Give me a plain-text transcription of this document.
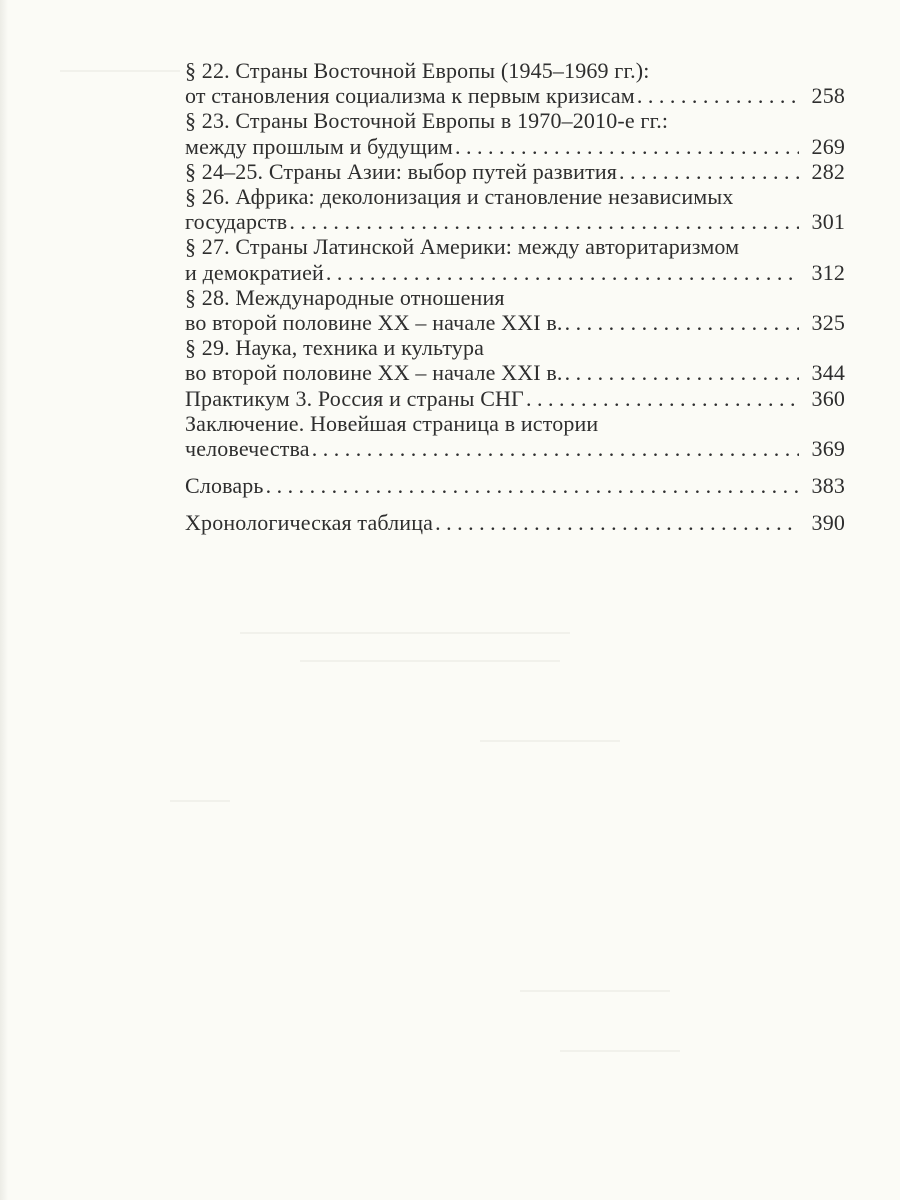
§ 22. Страны Восточной Европы (1945–1969 гг.):
от становления социализма к первым кризисам . . .	258
§ 23. Страны Восточной Европы в 1970–2010-е гг.:
между прошлым и будущим . . .	269
§ 24–25. Страны Азии: выбор путей развития . . .	282
§ 26. Африка: деколонизация и становление независимых
государств . . .	301
§ 27. Страны Латинской Америки: между авторитаризмом
и демократией . . .	312
§ 28. Международные отношения
во второй половине XX – начале XXI в. . . .	325
§ 29. Наука, техника и культура
во второй половине XX – начале XXI в. . . .	344
Практикум 3. Россия и страны СНГ . . .	360
Заключение. Новейшая страница в истории
человечества . . .	369
Словарь . . .	383
Хронологическая таблица . . .	390
